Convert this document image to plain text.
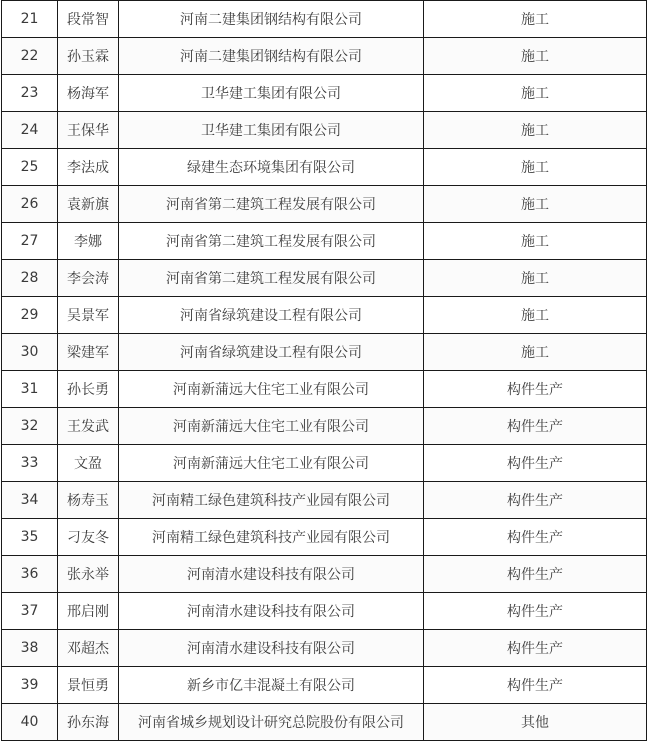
21	段常智	河南二建集团钢结构有限公司	施工
22	孙玉霖	河南二建集团钢结构有限公司	施工
23	杨海军	卫华建工集团有限公司	施工
24	王保华	卫华建工集团有限公司	施工
25	李法成	绿建生态环境集团有限公司	施工
26	袁新旗	河南省第二建筑工程发展有限公司	施工
27	李娜	河南省第二建筑工程发展有限公司	施工
28	李会涛	河南省第二建筑工程发展有限公司	施工
29	吴景军	河南省绿筑建设工程有限公司	施工
30	梁建军	河南省绿筑建设工程有限公司	施工
31	孙长勇	河南新蒲远大住宅工业有限公司	构件生产
32	王发武	河南新蒲远大住宅工业有限公司	构件生产
33	文盈	河南新蒲远大住宅工业有限公司	构件生产
34	杨寿玉	河南精工绿色建筑科技产业园有限公司	构件生产
35	刁友冬	河南精工绿色建筑科技产业园有限公司	构件生产
36	张永举	河南清水建设科技有限公司	构件生产
37	邢启刚	河南清水建设科技有限公司	构件生产
38	邓超杰	河南清水建设科技有限公司	构件生产
39	景恒勇	新乡市亿丰混凝土有限公司	构件生产
40	孙东海	河南省城乡规划设计研究总院股份有限公司	其他
